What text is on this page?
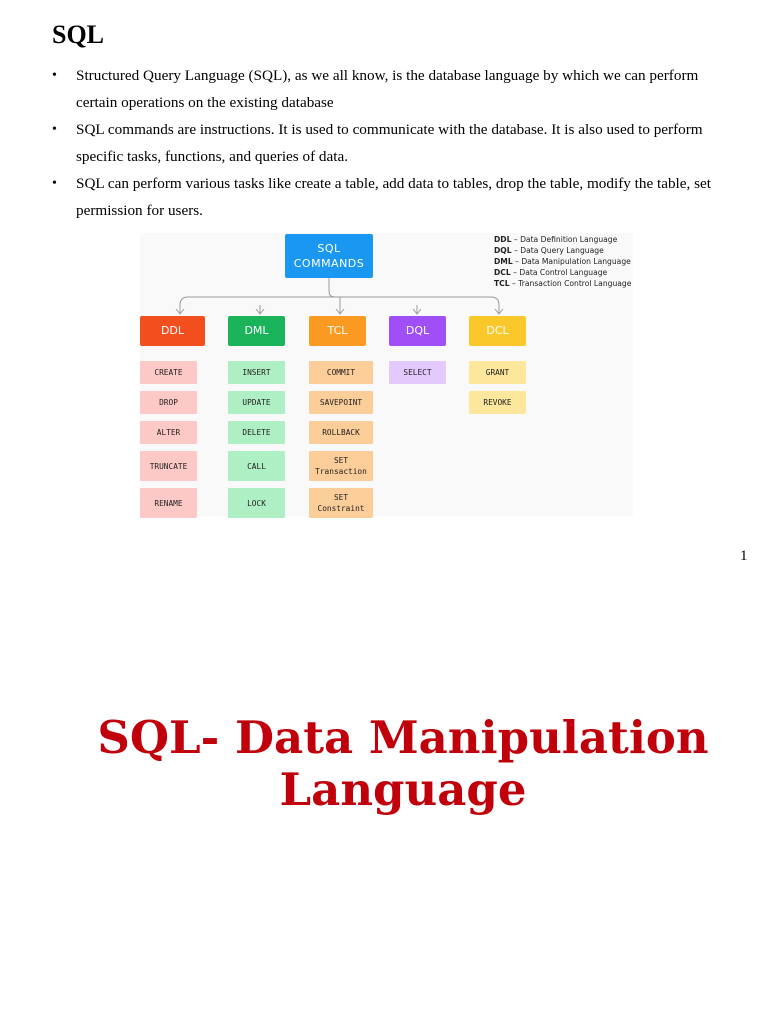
SQL
• Structured Query Language (SQL), as we all know, is the database language by which we can perform certain operations on the existing database
• SQL commands are instructions. It is used to communicate with the database. It is also used to perform specific tasks, functions, and queries of data.
• SQL can perform various tasks like create a table, add data to tables, drop the table, modify the table, set permission for users.
SQL
COMMANDS
DDL – Data Definition Language
DQL – Data Query Language
DML – Data Manipulation Language
DCL – Data Control Language
TCL – Transaction Control Language
DDL
CREATE
DROP
ALTER
TRUNCATE
RENAME
DML
INSERT
UPDATE
DELETE
CALL
LOCK
TCL
COMMIT
SAVEPOINT
ROLLBACK
SET Transaction
SET Constraint
DQL
SELECT
DCL
GRANT
REVOKE
1
SQL- Data Manipulation
Language
